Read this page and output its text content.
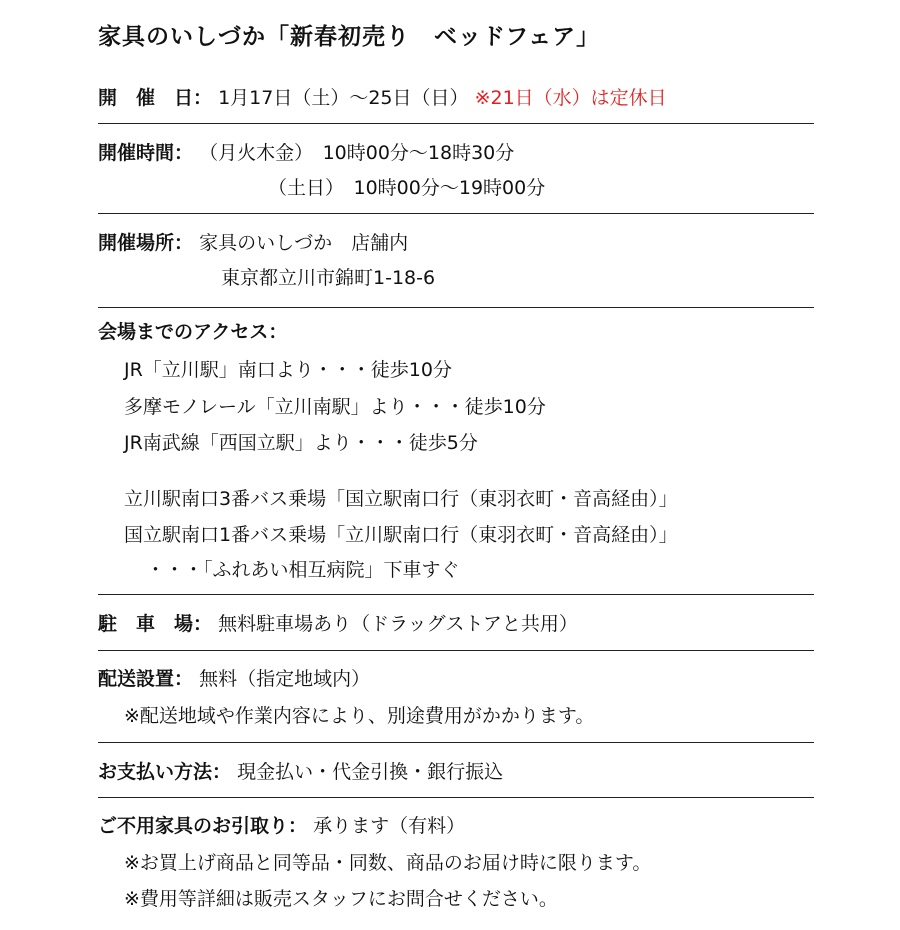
家具のいしづか「新春初売り　ベッドフェア」
開　催　日： 1月17日（土）～25日（日） ※21日（水）は定休日
開催時間： （月火木金）　10時00分～18時30分
（土日）　10時00分～19時00分
開催場所： 家具のいしづか　店舗内
東京都立川市錦町1-18-6
会場までのアクセス：
JR「立川駅」南口より・・・徒歩10分
多摩モノレール「立川南駅」より・・・徒歩10分
JR南武線「西国立駅」より・・・徒歩5分
立川駅南口3番バス乗場「国立駅南口行（東羽衣町・音高経由）」
国立駅南口1番バス乗場「立川駅南口行（東羽衣町・音高経由）」
・・・「ふれあい相互病院」下車すぐ
駐　車　場： 無料駐車場あり（ドラッグストアと共用）
配送設置： 無料（指定地域内）
※配送地域や作業内容により、別途費用がかかります。
お支払い方法： 現金払い・代金引換・銀行振込
ご不用家具のお引取り： 承ります（有料）
※お買上げ商品と同等品・同数、商品のお届け時に限ります。
※費用等詳細は販売スタッフにお問合せください。
